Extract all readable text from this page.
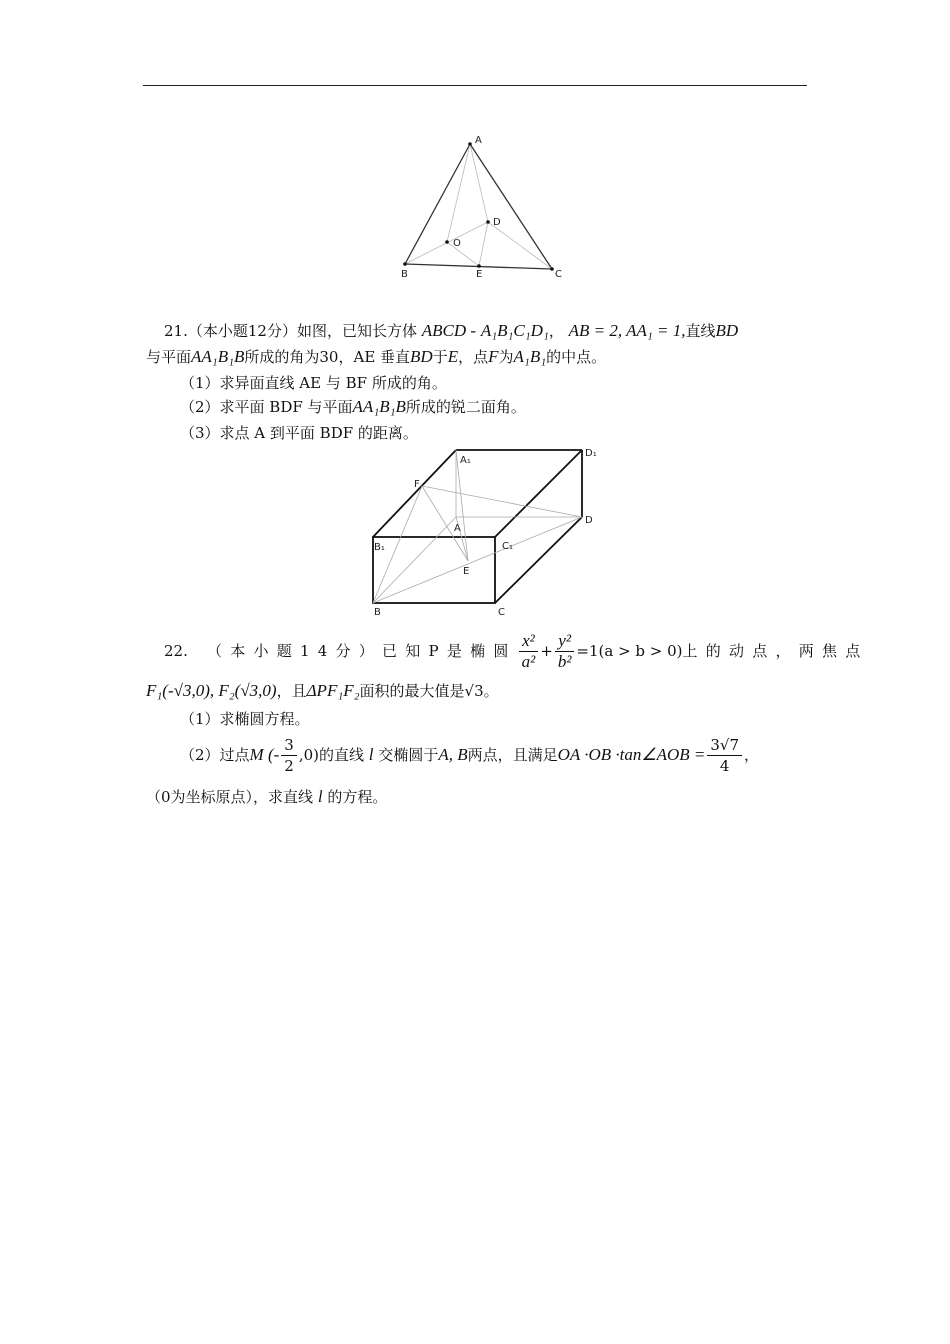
A
B	C
D
O
E
21.（本小题12分）如图，已知长方体 ABCD - A₁B₁C₁D₁， AB = 2, AA₁ = 1,直线BD
与平面AA₁B₁B所成的角为30，AE 垂直BD于E，点F为A₁B₁的中点。
（1）求异面直线 AE 与 BF 所成的角。
（2）求平面 BDF 与平面AA₁B₁B所成的锐二面角。
（3）求点 A 到平面 BDF 的距离。
A₁
D₁
F
A
D
B₁	C₁
E
B	C
22.
（本小题14分） 已知P是椭圆 $\frac{\text{x²}}{\text{a²}} + \frac{\text{y²}}{\text{b²}} =1(a > b > 0)$ 上的动点，两焦点
F₁(-√3,0), F₂(√3,0)，且ΔPF₁F₂面积的最大值是√3。
（1）求椭圆方程。
（2）过点 M (- $\frac{3}{2} ,0$) 的直线
l
交椭圆于 A, B 两点，且满足 OA ·OB ·tan∠AOB = $\frac{3√7}{4}$ ，
（0为坐标原点），求直线 l 的方程。
